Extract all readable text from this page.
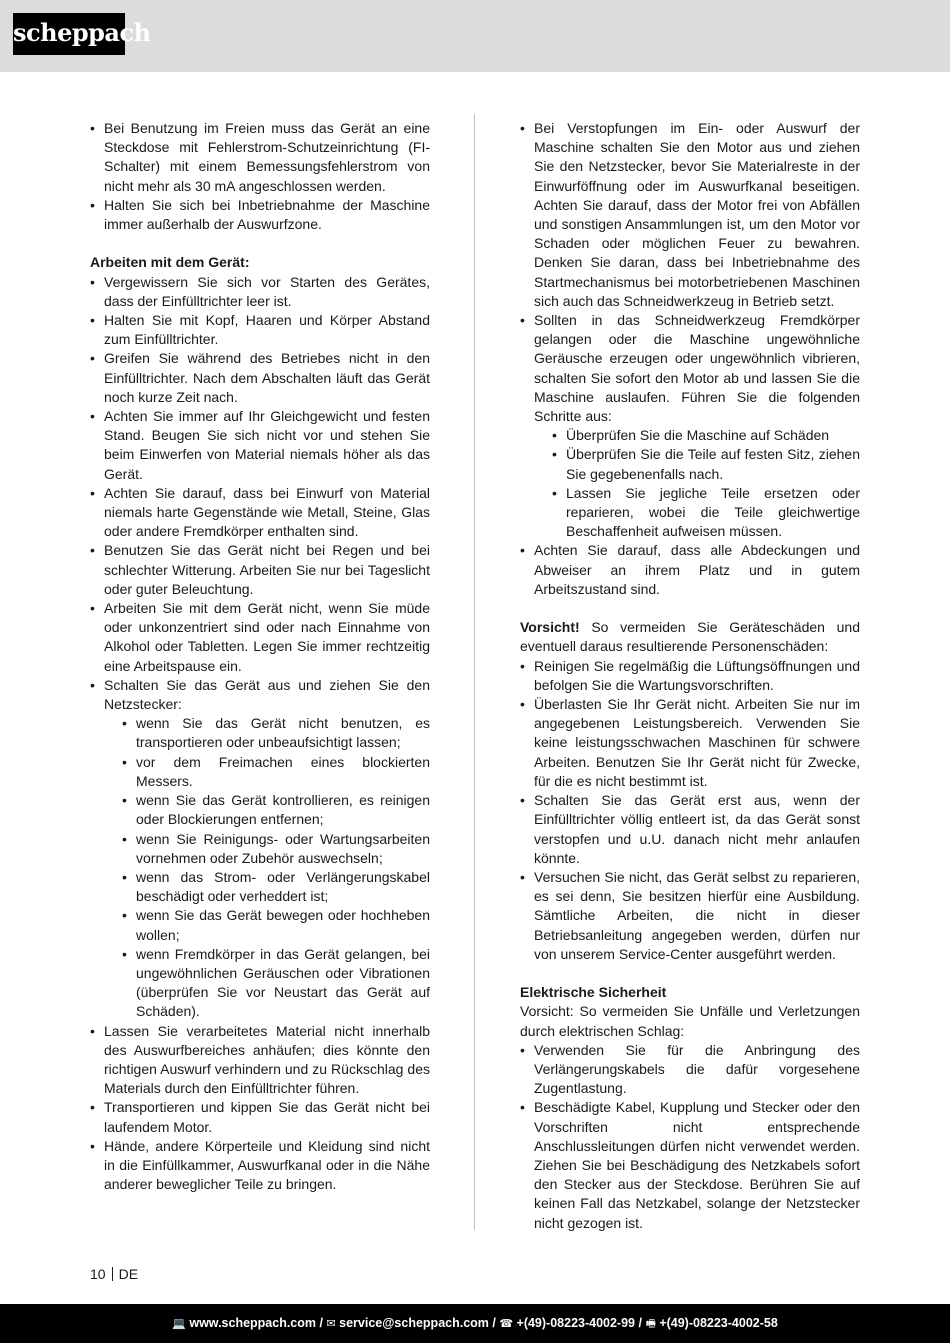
scheppach
• Bei Benutzung im Freien muss das Gerät an eine Steckdose mit Fehlerstrom-Schutzeinrichtung (FI-Schalter) mit einem Bemessungsfehlerstrom von nicht mehr als 30 mA angeschlossen werden.
• Halten Sie sich bei Inbetriebnahme der Maschine immer außerhalb der Auswurfzone.
Arbeiten mit dem Gerät:
• Vergewissern Sie sich vor Starten des Gerätes, dass der Einfülltrichter leer ist.
• Halten Sie mit Kopf, Haaren und Körper Abstand zum Einfülltrichter.
• Greifen Sie während des Betriebes nicht in den Einfülltrichter. Nach dem Abschalten läuft das Gerät noch kurze Zeit nach.
• Achten Sie immer auf Ihr Gleichgewicht und festen Stand. Beugen Sie sich nicht vor und stehen Sie beim Einwerfen von Material niemals höher als das Gerät.
• Achten Sie darauf, dass bei Einwurf von Material niemals harte Gegenstände wie Metall, Steine, Glas oder andere Fremdkörper enthalten sind.
• Benutzen Sie das Gerät nicht bei Regen und bei schlechter Witterung. Arbeiten Sie nur bei Tageslicht oder guter Beleuchtung.
• Arbeiten Sie mit dem Gerät nicht, wenn Sie müde oder unkonzentriert sind oder nach Einnahme von Alkohol oder Tabletten. Legen Sie immer rechtzeitig eine Arbeitspause ein.
• Schalten Sie das Gerät aus und ziehen Sie den Netzstecker:
• wenn Sie das Gerät nicht benutzen, es transportieren oder unbeaufsichtigt lassen;
• vor dem Freimachen eines blockierten Messers.
• wenn Sie das Gerät kontrollieren, es reinigen oder Blockierungen entfernen;
• wenn Sie Reinigungs- oder Wartungsarbeiten vornehmen oder Zubehör auswechseln;
• wenn das Strom- oder Verlängerungskabel beschädigt oder verheddert ist;
• wenn Sie das Gerät bewegen oder hochheben wollen;
• wenn Fremdkörper in das Gerät gelangen, bei ungewöhnlichen Geräuschen oder Vibrationen (überprüfen Sie vor Neustart das Gerät auf Schäden).
• Lassen Sie verarbeitetes Material nicht innerhalb des Auswurfbereiches anhäufen; dies könnte den richtigen Auswurf verhindern und zu Rückschlag des Materials durch den Einfülltrichter führen.
• Transportieren und kippen Sie das Gerät nicht bei laufendem Motor.
• Hände, andere Körperteile und Kleidung sind nicht in die Einfüllkammer, Auswurfkanal oder in die Nähe anderer beweglicher Teile zu bringen.
• Bei Verstopfungen im Ein- oder Auswurf der Maschine schalten Sie den Motor aus und ziehen Sie den Netzstecker, bevor Sie Materialreste in der Einwurföffnung oder im Auswurfkanal beseitigen. Achten Sie darauf, dass der Motor frei von Abfällen und sonstigen Ansammlungen ist, um den Motor vor Schaden oder möglichen Feuer zu bewahren. Denken Sie daran, dass bei Inbetriebnahme des Startmechanismus bei motorbetriebenen Maschinen sich auch das Schneidwerkzeug in Betrieb setzt.
• Sollten in das Schneidwerkzeug Fremdkörper gelangen oder die Maschine ungewöhnliche Geräusche erzeugen oder ungewöhnlich vibrieren, schalten Sie sofort den Motor ab und lassen Sie die Maschine auslaufen. Führen Sie die folgenden Schritte aus:
• Überprüfen Sie die Maschine auf Schäden
• Überprüfen Sie die Teile auf festen Sitz, ziehen Sie gegebenenfalls nach.
• Lassen Sie jegliche Teile ersetzen oder reparieren, wobei die Teile gleichwertige Beschaffenheit aufweisen müssen.
• Achten Sie darauf, dass alle Abdeckungen und Abweiser an ihrem Platz und in gutem Arbeitszustand sind.

Vorsicht! So vermeiden Sie Geräteschäden und eventuell daraus resultierende Personenschäden:

• Reinigen Sie regelmäßig die Lüftungsöffnungen und befolgen Sie die Wartungsvorschriften.
• Überlasten Sie Ihr Gerät nicht. Arbeiten Sie nur im angegebenen Leistungsbereich. Verwenden Sie keine leistungsschwachen Maschinen für schwere Arbeiten. Benutzen Sie Ihr Gerät nicht für Zwecke, für die es nicht bestimmt ist.
• Schalten Sie das Gerät erst aus, wenn der Einfülltrichter völlig entleert ist, da das Gerät sonst verstopfen und u.U. danach nicht mehr anlaufen könnte.
• Versuchen Sie nicht, das Gerät selbst zu reparieren, es sei denn, Sie besitzen hierfür eine Ausbildung. Sämtliche Arbeiten, die nicht in dieser Betriebsanleitung angegeben werden, dürfen nur von unserem Service-Center ausgeführt werden.
Elektrische Sicherheit

Vorsicht: So vermeiden Sie Unfälle und Verletzungen durch elektrischen Schlag:

• Verwenden Sie für die Anbringung des Verlängerungskabels die dafür vorgesehene Zugentlastung.
• Beschädigte Kabel, Kupplung und Stecker oder den Vorschriften nicht entsprechende Anschlussleitungen dürfen nicht verwendet werden. Ziehen Sie bei Beschädigung des Netzkabels sofort den Stecker aus der Steckdose. Berühren Sie auf keinen Fall das Netzkabel, solange der Netzstecker nicht gezogen ist.
10 DE
💻 www.scheppach.com / ✉ service@scheppach.com / ☎ +(49)-08223-4002-99 / 🖷 +(49)-08223-4002-58
